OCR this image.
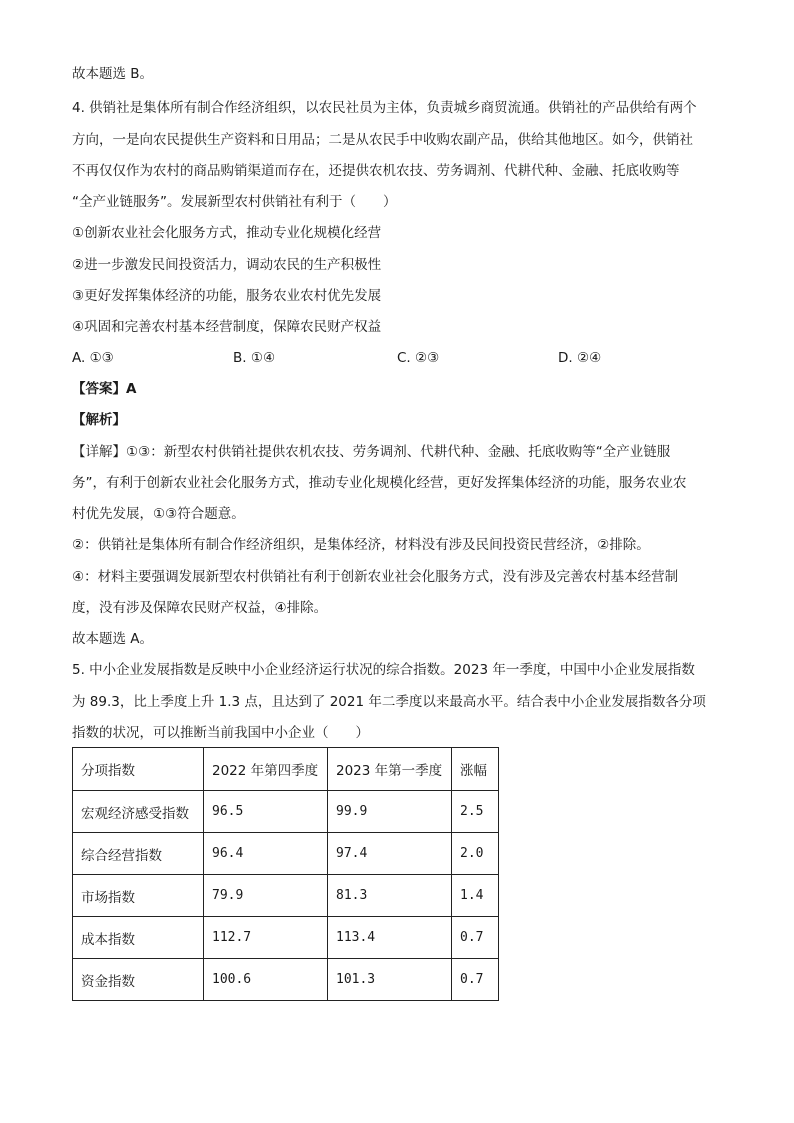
故本题选 B。
4. 供销社是集体所有制合作经济组织，以农民社员为主体，负责城乡商贸流通。供销社的产品供给有两个
方向，一是向农民提供生产资料和日用品；二是从农民手中收购农副产品，供给其他地区。如今，供销社
不再仅仅作为农村的商品购销渠道而存在，还提供农机农技、劳务调剂、代耕代种、金融、托底收购等
“全产业链服务”。发展新型农村供销社有利于（　　）
①创新农业社会化服务方式，推动专业化规模化经营
②进一步激发民间投资活力，调动农民的生产积极性
③更好发挥集体经济的功能，服务农业农村优先发展
④巩固和完善农村基本经营制度，保障农民财产权益
A. ①③	B. ①④	C. ②③	D. ②④
【答案】A
【解析】
【详解】①③：新型农村供销社提供农机农技、劳务调剂、代耕代种、金融、托底收购等“全产业链服
务”，有利于创新农业社会化服务方式，推动专业化规模化经营，更好发挥集体经济的功能，服务农业农
村优先发展，①③符合题意。
②：供销社是集体所有制合作经济组织，是集体经济，材料没有涉及民间投资民营经济，②排除。
④：材料主要强调发展新型农村供销社有利于创新农业社会化服务方式，没有涉及完善农村基本经营制
度，没有涉及保障农民财产权益，④排除。
故本题选 A。
5. 中小企业发展指数是反映中小企业经济运行状况的综合指数。2023 年一季度，中国中小企业发展指数
为 89.3，比上季度上升 1.3 点，且达到了 2021 年二季度以来最高水平。结合表中小企业发展指数各分项
指数的状况，可以推断当前我国中小企业（　　）
分项指数	2022 年第四季度	2023 年第一季度	涨幅
宏观经济感受指数	96.5	99.9	2.5
综合经营指数	96.4	97.4	2.0
市场指数	79.9	81.3	1.4
成本指数	112.7	113.4	0.7
资金指数	100.6	101.3	0.7
